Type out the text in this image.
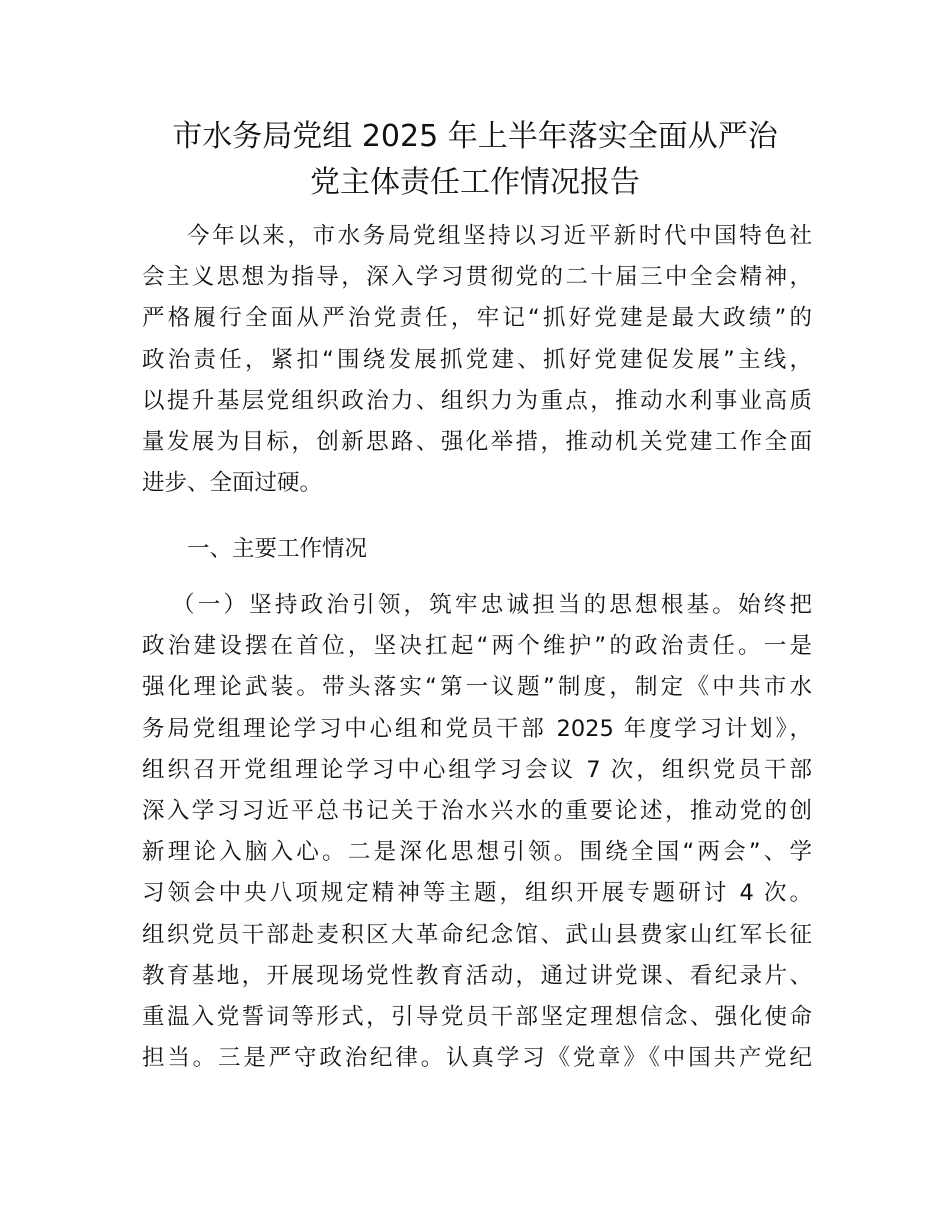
市水务局党组 2025 年上半年落实全面从严治
党主体责任工作情况报告
今年以来，市水务局党组坚持以习近平新时代中国特色社
会主义思想为指导，深入学习贯彻党的二十届三中全会精神，
严格履行全面从严治党责任，牢记“抓好党建是最大政绩”的
政治责任，紧扣“围绕发展抓党建、抓好党建促发展”主线，
以提升基层党组织政治力、组织力为重点，推动水利事业高质
量发展为目标，创新思路、强化举措，推动机关党建工作全面
进步、全面过硬。

一、主要工作情况

（一）坚持政治引领，筑牢忠诚担当的思想根基。始终把
政治建设摆在首位，坚决扛起“两个维护”的政治责任。一是
强化理论武装。带头落实“第一议题”制度，制定《中共市水
务局党组理论学习中心组和党员干部 2025 年度学习计划》，
组织召开党组理论学习中心组学习会议 7 次，组织党员干部
深入学习习近平总书记关于治水兴水的重要论述，推动党的创
新理论入脑入心。二是深化思想引领。围绕全国“两会”、学
习领会中央八项规定精神等主题，组织开展专题研讨 4 次。
组织党员干部赴麦积区大革命纪念馆、武山县费家山红军长征
教育基地，开展现场党性教育活动，通过讲党课、看纪录片、
重温入党誓词等形式，引导党员干部坚定理想信念、强化使命
担当。三是严守政治纪律。认真学习《党章》《中国共产党纪
